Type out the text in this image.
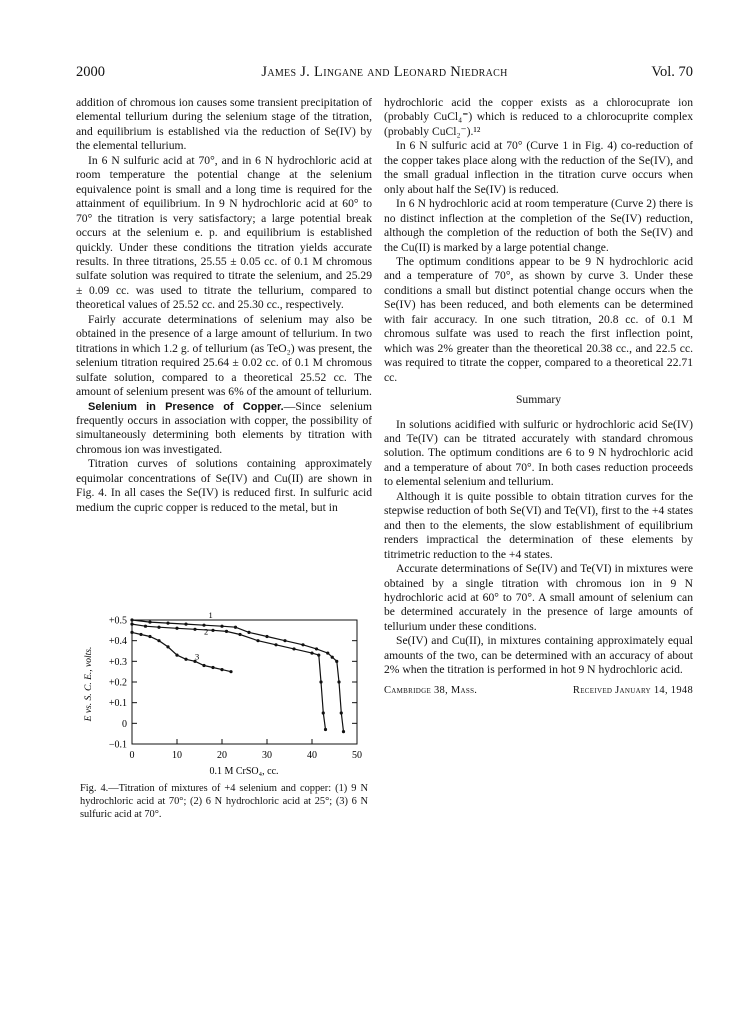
2000	James J. Lingane and Leonard Niedrach	Vol. 70

addition of chromous ion causes some transient precipitation of elemental tellurium during the selenium stage of the titration, and equilibrium is established via the reduction of Se(IV) by the elemental tellurium.

In 6 N sulfuric acid at 70°, and in 6 N hydrochloric acid at room temperature the potential change at the selenium equivalence point is small and a long time is required for the attainment of equilibrium. In 9 N hydrochloric acid at 60° to 70° the titration is very satisfactory; a large potential break occurs at the selenium e. p. and equilibrium is established quickly. Under these conditions the titration yields accurate results. In three titrations, 25.55 ± 0.05 cc. of 0.1 M chromous sulfate solution was required to titrate the selenium, and 25.29 ± 0.09 cc. was used to titrate the tellurium, compared to theoretical values of 25.52 cc. and 25.30 cc., respectively.

Fairly accurate determinations of selenium may also be obtained in the presence of a large amount of tellurium. In two titrations in which 1.2 g. of tellurium (as TeO₂) was present, the selenium titration required 25.64 ± 0.02 cc. of 0.1 M chromous sulfate solution, compared to a theoretical 25.52 cc. The amount of selenium present was 6% of the amount of tellurium.

Selenium in Presence of Copper.—Since selenium frequently occurs in association with copper, the possibility of simultaneously determining both elements by titration with chromous ion was investigated.

Titration curves of solutions containing approximately equimolar concentrations of Se(IV) and Cu(II) are shown in Fig. 4. In all cases the Se(IV) is reduced first. In sulfuric acid medium the cupric copper is reduced to the metal, but in

+0.5
+0.4
+0.3
+0.2
+0.1
0
−0.1
0	10	20	30	40	50
1
2
3
E vs. S. C. E., volts.
0.1 M CrSO₄, cc.
Fig. 4.—Titration of mixtures of +4 selenium and copper: (1) 9 N hydrochloric acid at 70°; (2) 6 N hydrochloric acid at 25°; (3) 6 N sulfuric acid at 70°.

hydrochloric acid the copper exists as a chlorocuprate ion (probably CuCl₄⁼) which is reduced to a chlorocuprite complex (probably CuCl₂⁻).¹²

In 6 N sulfuric acid at 70° (Curve 1 in Fig. 4) co-reduction of the copper takes place along with the reduction of the Se(IV), and the small gradual inflection in the titration curve occurs when only about half the Se(IV) is reduced.

In 6 N hydrochloric acid at room temperature (Curve 2) there is no distinct inflection at the completion of the Se(IV) reduction, although the completion of the reduction of both the Se(IV) and the Cu(II) is marked by a large potential change.

The optimum conditions appear to be 9 N hydrochloric acid and a temperature of 70°, as shown by curve 3. Under these conditions a small but distinct potential change occurs when the Se(IV) has been reduced, and both elements can be determined with fair accuracy. In one such titration, 20.8 cc. of 0.1 M chromous sulfate was used to reach the first inflection point, which was 2% greater than the theoretical 20.38 cc., and 22.5 cc. was required to titrate the copper, compared to a theoretical 22.71 cc.

Summary

In solutions acidified with sulfuric or hydrochloric acid Se(IV) and Te(IV) can be titrated accurately with standard chromous solution. The optimum conditions are 6 to 9 N hydrochloric acid and a temperature of about 70°. In both cases reduction proceeds to elemental selenium and tellurium.

Although it is quite possible to obtain titration curves for the stepwise reduction of both Se(VI) and Te(VI), first to the +4 states and then to the elements, the slow establishment of equilibrium renders impractical the determination of these elements by titrimetric reduction to the +4 states.

Accurate determinations of Se(IV) and Te(VI) in mixtures were obtained by a single titration with chromous ion in 9 N hydrochloric acid at 60° to 70°. A small amount of selenium can be determined accurately in the presence of large amounts of tellurium under these conditions.

Se(IV) and Cu(II), in mixtures containing approximately equal amounts of the two, can be determined with an accuracy of about 2% when the titration is performed in hot 9 N hydrochloric acid.

Cambridge 38, Mass.	Received January 14, 1948
